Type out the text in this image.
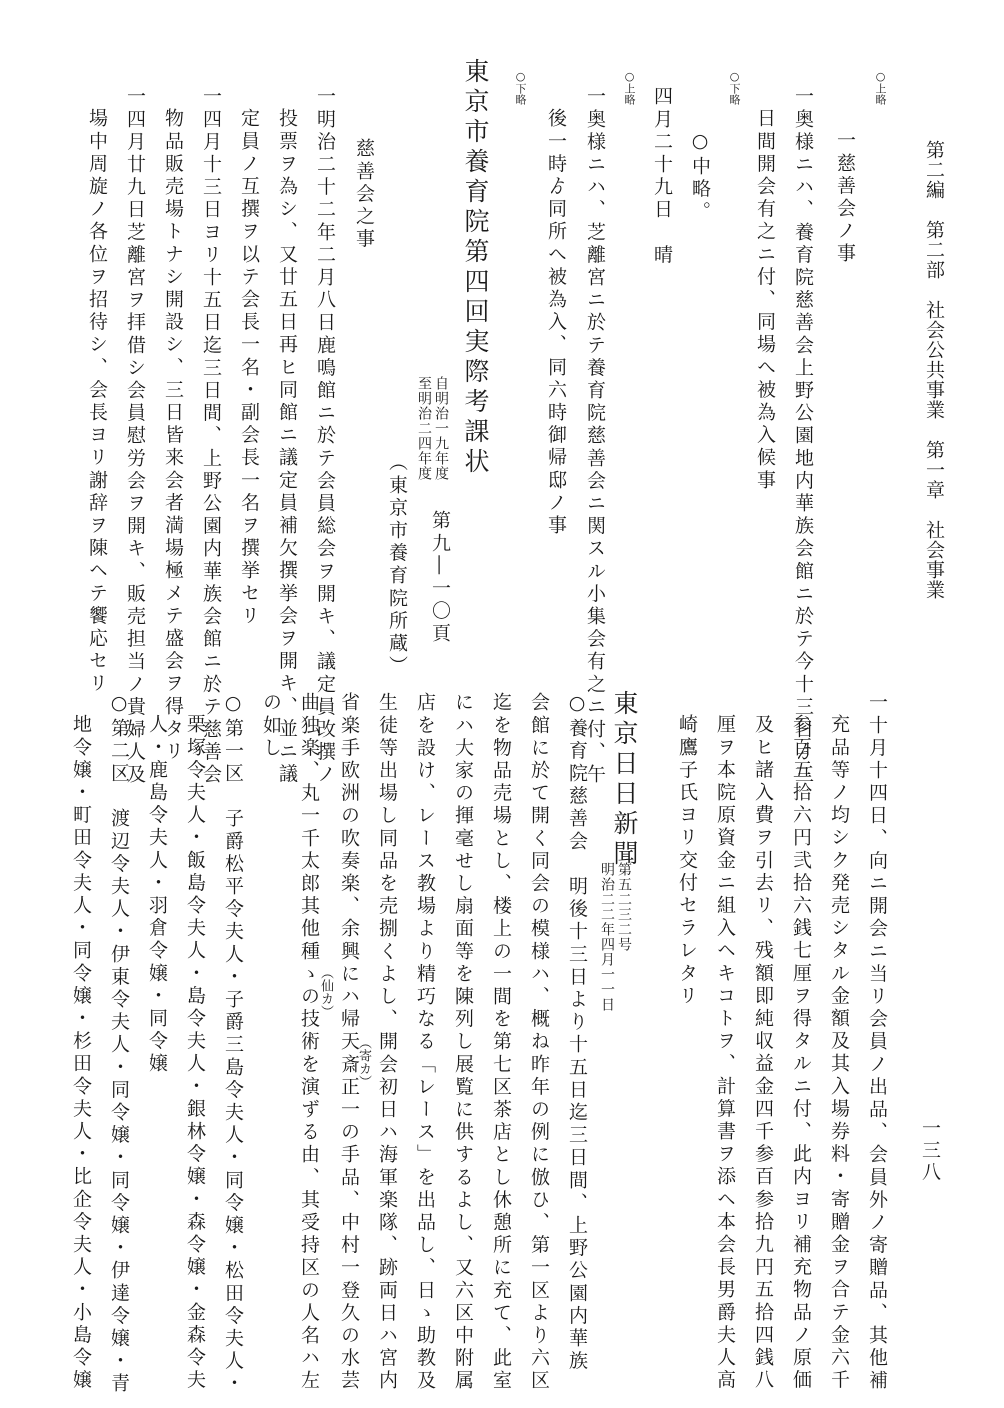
第二編　第二部　社会公共事業　第一章　社会事業
一三八
○上略
一慈善会ノ事
一奥様ニハ、養育院慈善会上野公園地内華族会館ニ於テ今十三日ゟ三
日間開会有之ニ付、同場へ被為入候事
○下略
○中略。
四月二十九日　晴
○上略
一奥様ニハ、芝離宮ニ於テ養育院慈善会ニ関スル小集会有之ニ付、午
後一時ゟ同所へ被為入、同六時御帰邸ノ事
○下略
東京市養育院第四回実際考課状
自明治一九年度
至明治二四年度
第九―一〇頁
（東京市養育院所蔵）
慈善会之事
一明治二十二年二月八日鹿鳴館ニ於テ会員総会ヲ開キ、議定員改撰ノ
投票ヲ為シ、又廿五日再ヒ同館ニ議定員補欠撰挙会ヲ開キ、並ニ議
定員ノ互撰ヲ以テ会長一名・副会長一名ヲ撰挙セリ
一四月十三日ヨリ十五日迄三日間、上野公園内華族会館ニ於テ慈善会
物品販売場トナシ開設シ、三日皆来会者満場極メテ盛会ヲ得タリ
一四月廿九日芝離宮ヲ拝借シ会員慰労会ヲ開キ、販売担当ノ貴婦人及
場中周旋ノ各位ヲ招待シ、会長ヨリ謝辞ヲ陳ヘテ饗応セリ
一十月十四日、向ニ開会ニ当リ会員ノ出品、会員外ノ寄贈品、其他補
充品等ノ均シク発売シタル金額及其入場券料・寄贈金ヲ合テ金六千
参百五拾六円弐拾六銭七厘ヲ得タルニ付、此内ヨリ補充物品ノ原価
及ヒ諸入費ヲ引去リ、残額即純収益金四千参百参拾九円五拾四銭八
厘ヲ本院原資金ニ組入ヘキコトヲ、計算書ヲ添ヘ本会長男爵夫人高
崎鷹子氏ヨリ交付セラレタリ
東京日日新聞
第五二三二号
明治二二年四月一一日
○養育院慈善会　明後十三日より十五日迄三日間、上野公園内華族
会館に於て開く同会の模様ハ、概ね昨年の例に倣ひ、第一区より六区
迄を物品売場とし、楼上の一間を第七区茶店とし休憩所に充て、此室
にハ大家の揮毫せし扇面等を陳列し展覧に供するよし、又六区中附属
店を設け、レース教場より精巧なる「レース」を出品し、日ゝ助教及
生徒等出場し同品を売捌くよし、開会初日ハ海軍楽隊、跡両日ハ宮内
省楽手欧洲の吹奏楽、余興にハ帰天斎正一の手品、中村一登久の水芸
（仙カ）
（寄カ）
曲独楽、丸一千太郎其他種ゝの技術を演ずる由、其受持区の人名ハ左
の如し
○第一区　子爵松平令夫人・子爵三島令夫人・同令嬢・松田令夫人・
栗塚令夫人・飯島令夫人・島令夫人・銀林令嬢・森令嬢・金森令夫
人・鹿島令夫人・羽倉令嬢・同令嬢
○第二区　渡辺令夫人・伊東令夫人・同令嬢・同令嬢・伊達令嬢・青
地令嬢・町田令夫人・同令嬢・杉田令夫人・比企令夫人・小島令嬢
